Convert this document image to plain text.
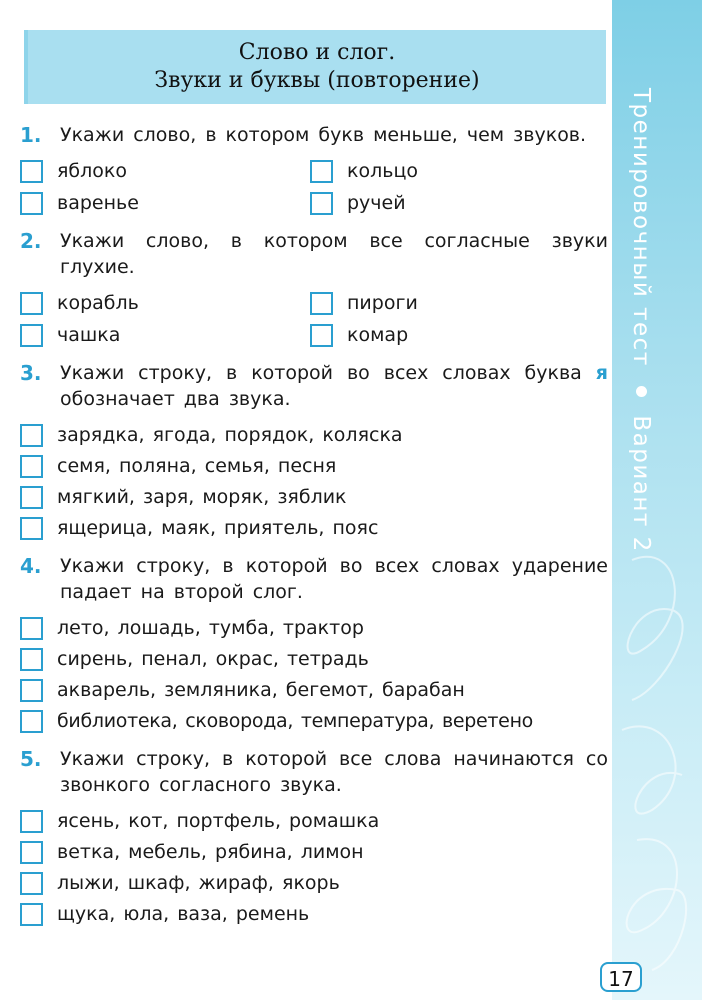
Тренировочный тест  Вариант 2
Слово и слог.
Звуки и буквы (повторение)
1. Укажи слово, в котором букв меньше, чем звуков.
яблоко	кольцо
варенье	ручей
2. Укажи слово, в котором все согласные звуки глухие.
корабль	пироги
чашка	комар
3. Укажи строку, в которой во всех словах буква я обозначает два звука.
зарядка, ягода, порядок, коляска
семя, поляна, семья, песня
мягкий, заря, моряк, зяблик
ящерица, маяк, приятель, пояс
4. Укажи строку, в которой во всех словах ударение падает на второй слог.
лето, лошадь, тумба, трактор
сирень, пенал, окрас, тетрадь
акварель, земляника, бегемот, барабан
библиотека, сковорода, температура, веретено
5. Укажи строку, в которой все слова начинаются со звонкого согласного звука.
ясень, кот, портфель, ромашка
ветка, мебель, рябина, лимон
лыжи, шкаф, жираф, якорь
щука, юла, ваза, ремень
17
